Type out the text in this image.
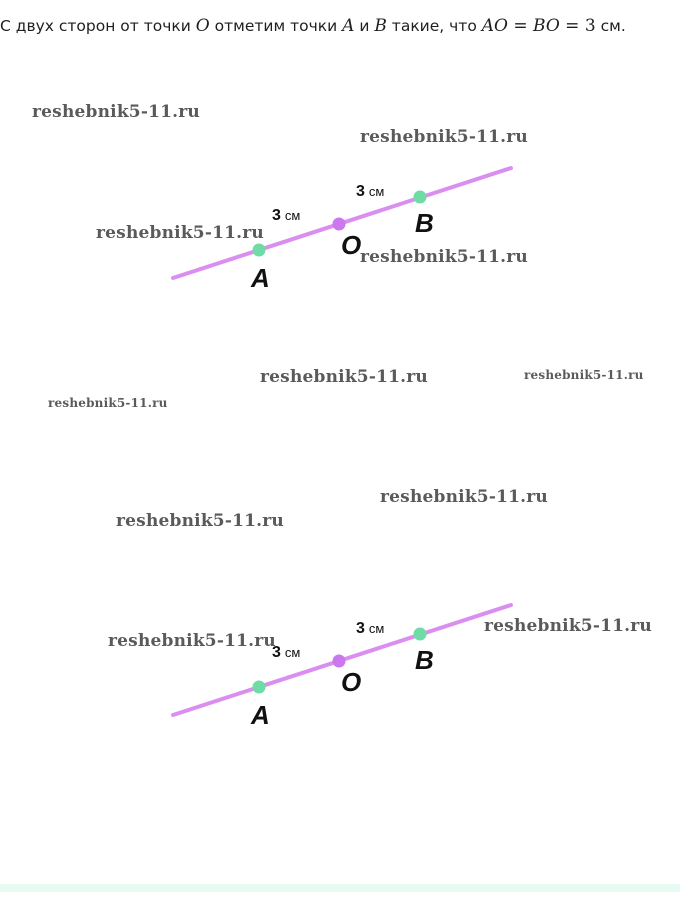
С двух сторон от точки O отметим точки A и B такие, что AO = BO = 3 см.
3 см
3 см
A
O
B
3 см
3 см
A
O
B
reshebnik5-11.ru
reshebnik5-11.ru
reshebnik5-11.ru
reshebnik5-11.ru
reshebnik5-11.ru	reshebnik5-11.ru
reshebnik5-11.ru
reshebnik5-11.ru
reshebnik5-11.ru
reshebnik5-11.ru
reshebnik5-11.ru
